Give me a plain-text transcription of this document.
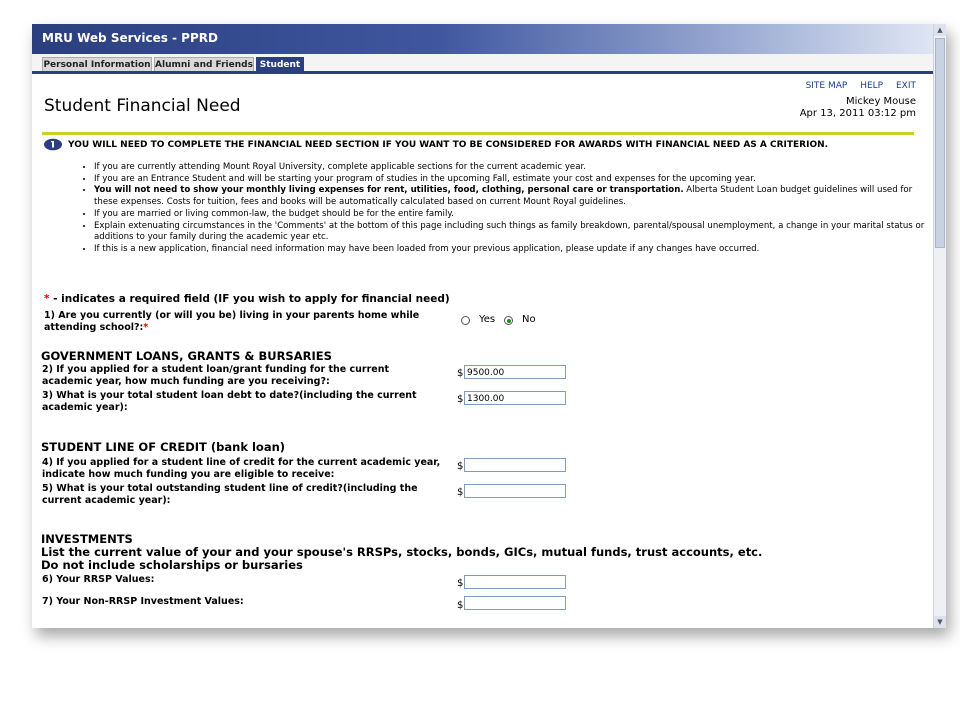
MRU Web Services - PPRD
Personal Information Alumni and Friends Student
SITE MAP HELP EXIT
Student Financial Need	Mickey Mouse
Apr 13, 2011 03:12 pm
YOU WILL NEED TO COMPLETE THE FINANCIAL NEED SECTION IF YOU WANT TO BE CONSIDERED FOR AWARDS WITH FINANCIAL NEED AS A CRITERION.
• If you are currently attending Mount Royal University, complete applicable sections for the current academic year.
• If you are an Entrance Student and will be starting your program of studies in the upcoming Fall, estimate your cost and expenses for the upcoming year.
• You will not need to show your monthly living expenses for rent, utilities, food, clothing, personal care or transportation. Alberta Student Loan budget guidelines will used for these expenses. Costs for tuition, fees and books will be automatically calculated based on current Mount Royal guidelines.
• If you are married or living common-law, the budget should be for the entire family.
• Explain extenuating circumstances in the 'Comments' at the bottom of this page including such things as family breakdown, parental/spousal unemployment, a change in your marital status or additions to your family during the academic year etc.
• If this is a new application, financial need information may have been loaded from your previous application, please update if any changes have occurred.
* - indicates a required field (IF you wish to apply for financial need)
1) Are you currently (or will you be) living in your parents home while attending school?:*
Yes	No
GOVERNMENT LOANS, GRANTS & BURSARIES
2) If you applied for a student loan/grant funding for the current academic year, how much funding are you receiving?:
$ 9500.00
3) What is your total student loan debt to date?(including the current academic year):
$ 1300.00
STUDENT LINE OF CREDIT (bank loan)
4) If you applied for a student line of credit for the current academic year, indicate how much funding you are eligible to receive:
$
5) What is your total outstanding student line of credit?(including the current academic year):
$
INVESTMENTS
List the current value of your and your spouse's RRSPs, stocks, bonds, GICs, mutual funds, trust accounts, etc.
Do not include scholarships or bursaries
6) Your RRSP Values:	$
7) Your Non-RRSP Investment Values:	$
▲
▼
